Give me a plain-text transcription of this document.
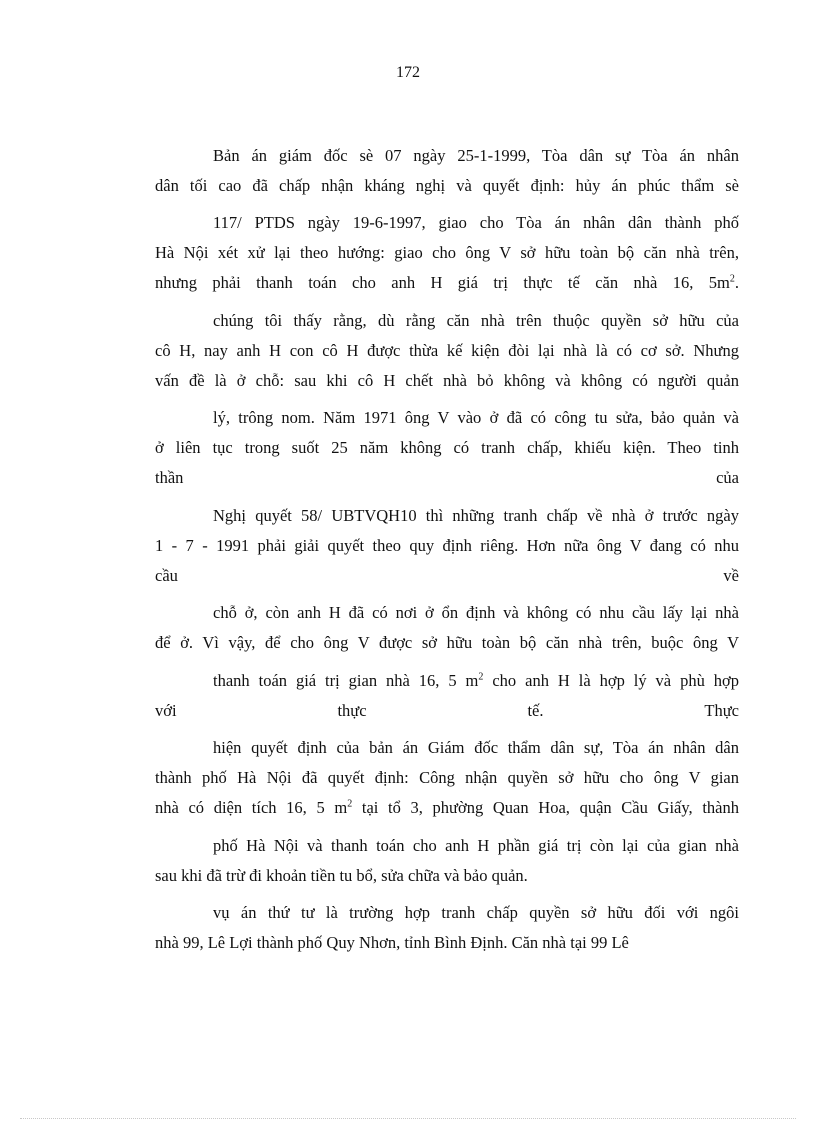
172
Bản án giám đốc sè 07 ngày 25-1-1999, Tòa dân sự Tòa án nhân
dân tối cao đã chấp nhận kháng nghị và quyết định: hủy án phúc thẩm sè
117/ PTDS ngày 19-6-1997, giao cho Tòa án nhân dân thành phố
Hà Nội xét xử lại theo hướng: giao cho ông V sở hữu toàn bộ căn nhà trên,
nhưng phải thanh toán cho anh H giá trị thực tế căn nhà 16, $5m^2$.
chúng tôi thấy rằng, dù rằng căn nhà trên thuộc quyền sở hữu của
cô H, nay anh H con cô H được thừa kế kiện đòi lại nhà là có cơ sở. Nhưng
vấn đề là ở chỗ: sau khi cô H chết nhà bỏ không và không có người quản
lý, trông nom. Năm 1971 ông V vào ở đã có công tu sửa, bảo quản và
ở liên tục trong suốt 25 năm không có tranh chấp, khiếu kiện. Theo tinh
thần	của
Nghị quyết 58/ UBTVQH10 thì những tranh chấp về nhà ở trước ngày
1 - 7 - 1991 phải giải quyết theo quy định riêng. Hơn nữa ông V đang có nhu
cầu	về
chỗ ở, còn anh H đã có nơi ở ổn định và không có nhu cầu lấy lại nhà
để ở. Vì vậy, để cho ông V được sở hữu toàn bộ căn nhà trên, buộc ông V
thanh toán giá trị gian nhà 16, 5 $m^2$ cho anh H là hợp lý và phù hợp
với	thực	tế.	Thực
hiện quyết định của bản án Giám đốc thẩm dân sự, Tòa án nhân dân
thành phố Hà Nội đã quyết định: Công nhận quyền sở hữu cho ông V gian
nhà có diện tích 16, 5 $m^2$ tại tổ 3, phường Quan Hoa, quận Cầu Giấy, thành
phố Hà Nội và thanh toán cho anh H phần giá trị còn lại của gian nhà
sau khi đã trừ đi khoản tiền tu bổ, sửa chữa và bảo quản.
vụ án thứ tư là trường hợp tranh chấp quyền sở hữu đối với ngôi
nhà 99, Lê Lợi thành phố Quy Nhơn, tỉnh Bình Định. Căn nhà tại 99 Lê
